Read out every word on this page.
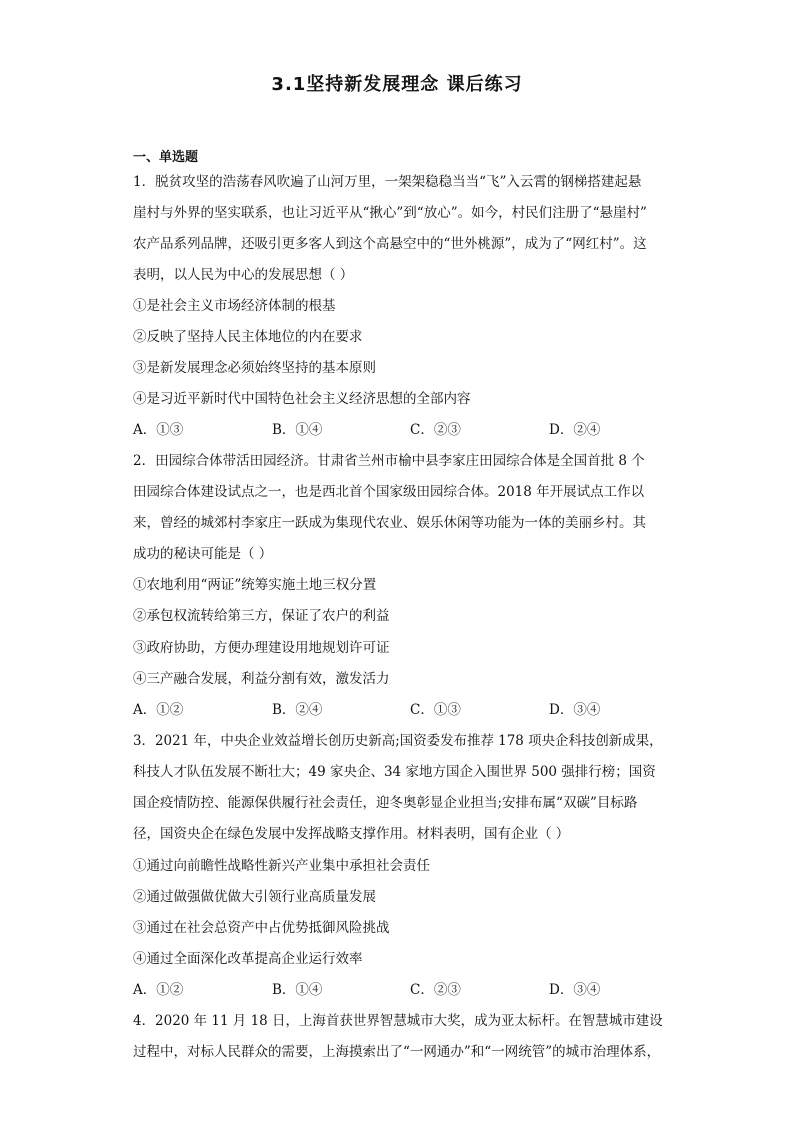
3.1坚持新发展理念 课后练习
一、单选题
1．脱贫攻坚的浩荡春风吹遍了山河万里，一架架稳稳当当“飞”入云霄的钢梯搭建起悬
崖村与外界的坚实联系，也让习近平从“揪心”到“放心”。如今，村民们注册了“悬崖村”
农产品系列品牌，还吸引更多客人到这个高悬空中的“世外桃源”，成为了“网红村”。这
表明，以人民为中心的发展思想（ ）
①是社会主义市场经济体制的根基
②反映了坚持人民主体地位的内在要求
③是新发展理念必须始终坚持的基本原则
④是习近平新时代中国特色社会主义经济思想的全部内容
A．①③	B．①④	C．②③	D．②④
2．田园综合体带活田园经济。甘肃省兰州市榆中县李家庄田园综合体是全国首批 8 个
田园综合体建设试点之一，也是西北首个国家级田园综合体。2018 年开展试点工作以
来，曾经的城郊村李家庄一跃成为集现代农业、娱乐休闲等功能为一体的美丽乡村。其
成功的秘诀可能是（ ）
①农地利用“两证”统筹实施土地三权分置
②承包权流转给第三方，保证了农户的利益
③政府协助，方便办理建设用地规划许可证
④三产融合发展，利益分割有效，激发活力
A．①②	B．②④	C．①③	D．③④
3．2021 年，中央企业效益增长创历史新高;国资委发布推荐 178 项央企科技创新成果，
科技人才队伍发展不断壮大；49 家央企、34 家地方国企入围世界 500 强排行榜；国资
国企疫情防控、能源保供履行社会责任，迎冬奥彰显企业担当;安排布属“双碳”目标路
径，国资央企在绿色发展中发挥战略支撑作用。材料表明，国有企业（ ）
①通过向前瞻性战略性新兴产业集中承担社会责任
②通过做强做优做大引领行业高质量发展
③通过在社会总资产中占优势抵御风险挑战
④通过全面深化改革提高企业运行效率
A．①②	B．①④	C．②③	D．③④
4．2020 年 11 月 18 日，上海首获世界智慧城市大奖，成为亚太标杆。在智慧城市建设
过程中，对标人民群众的需要，上海摸索出了“一网通办”和“一网统管”的城市治理体系，
